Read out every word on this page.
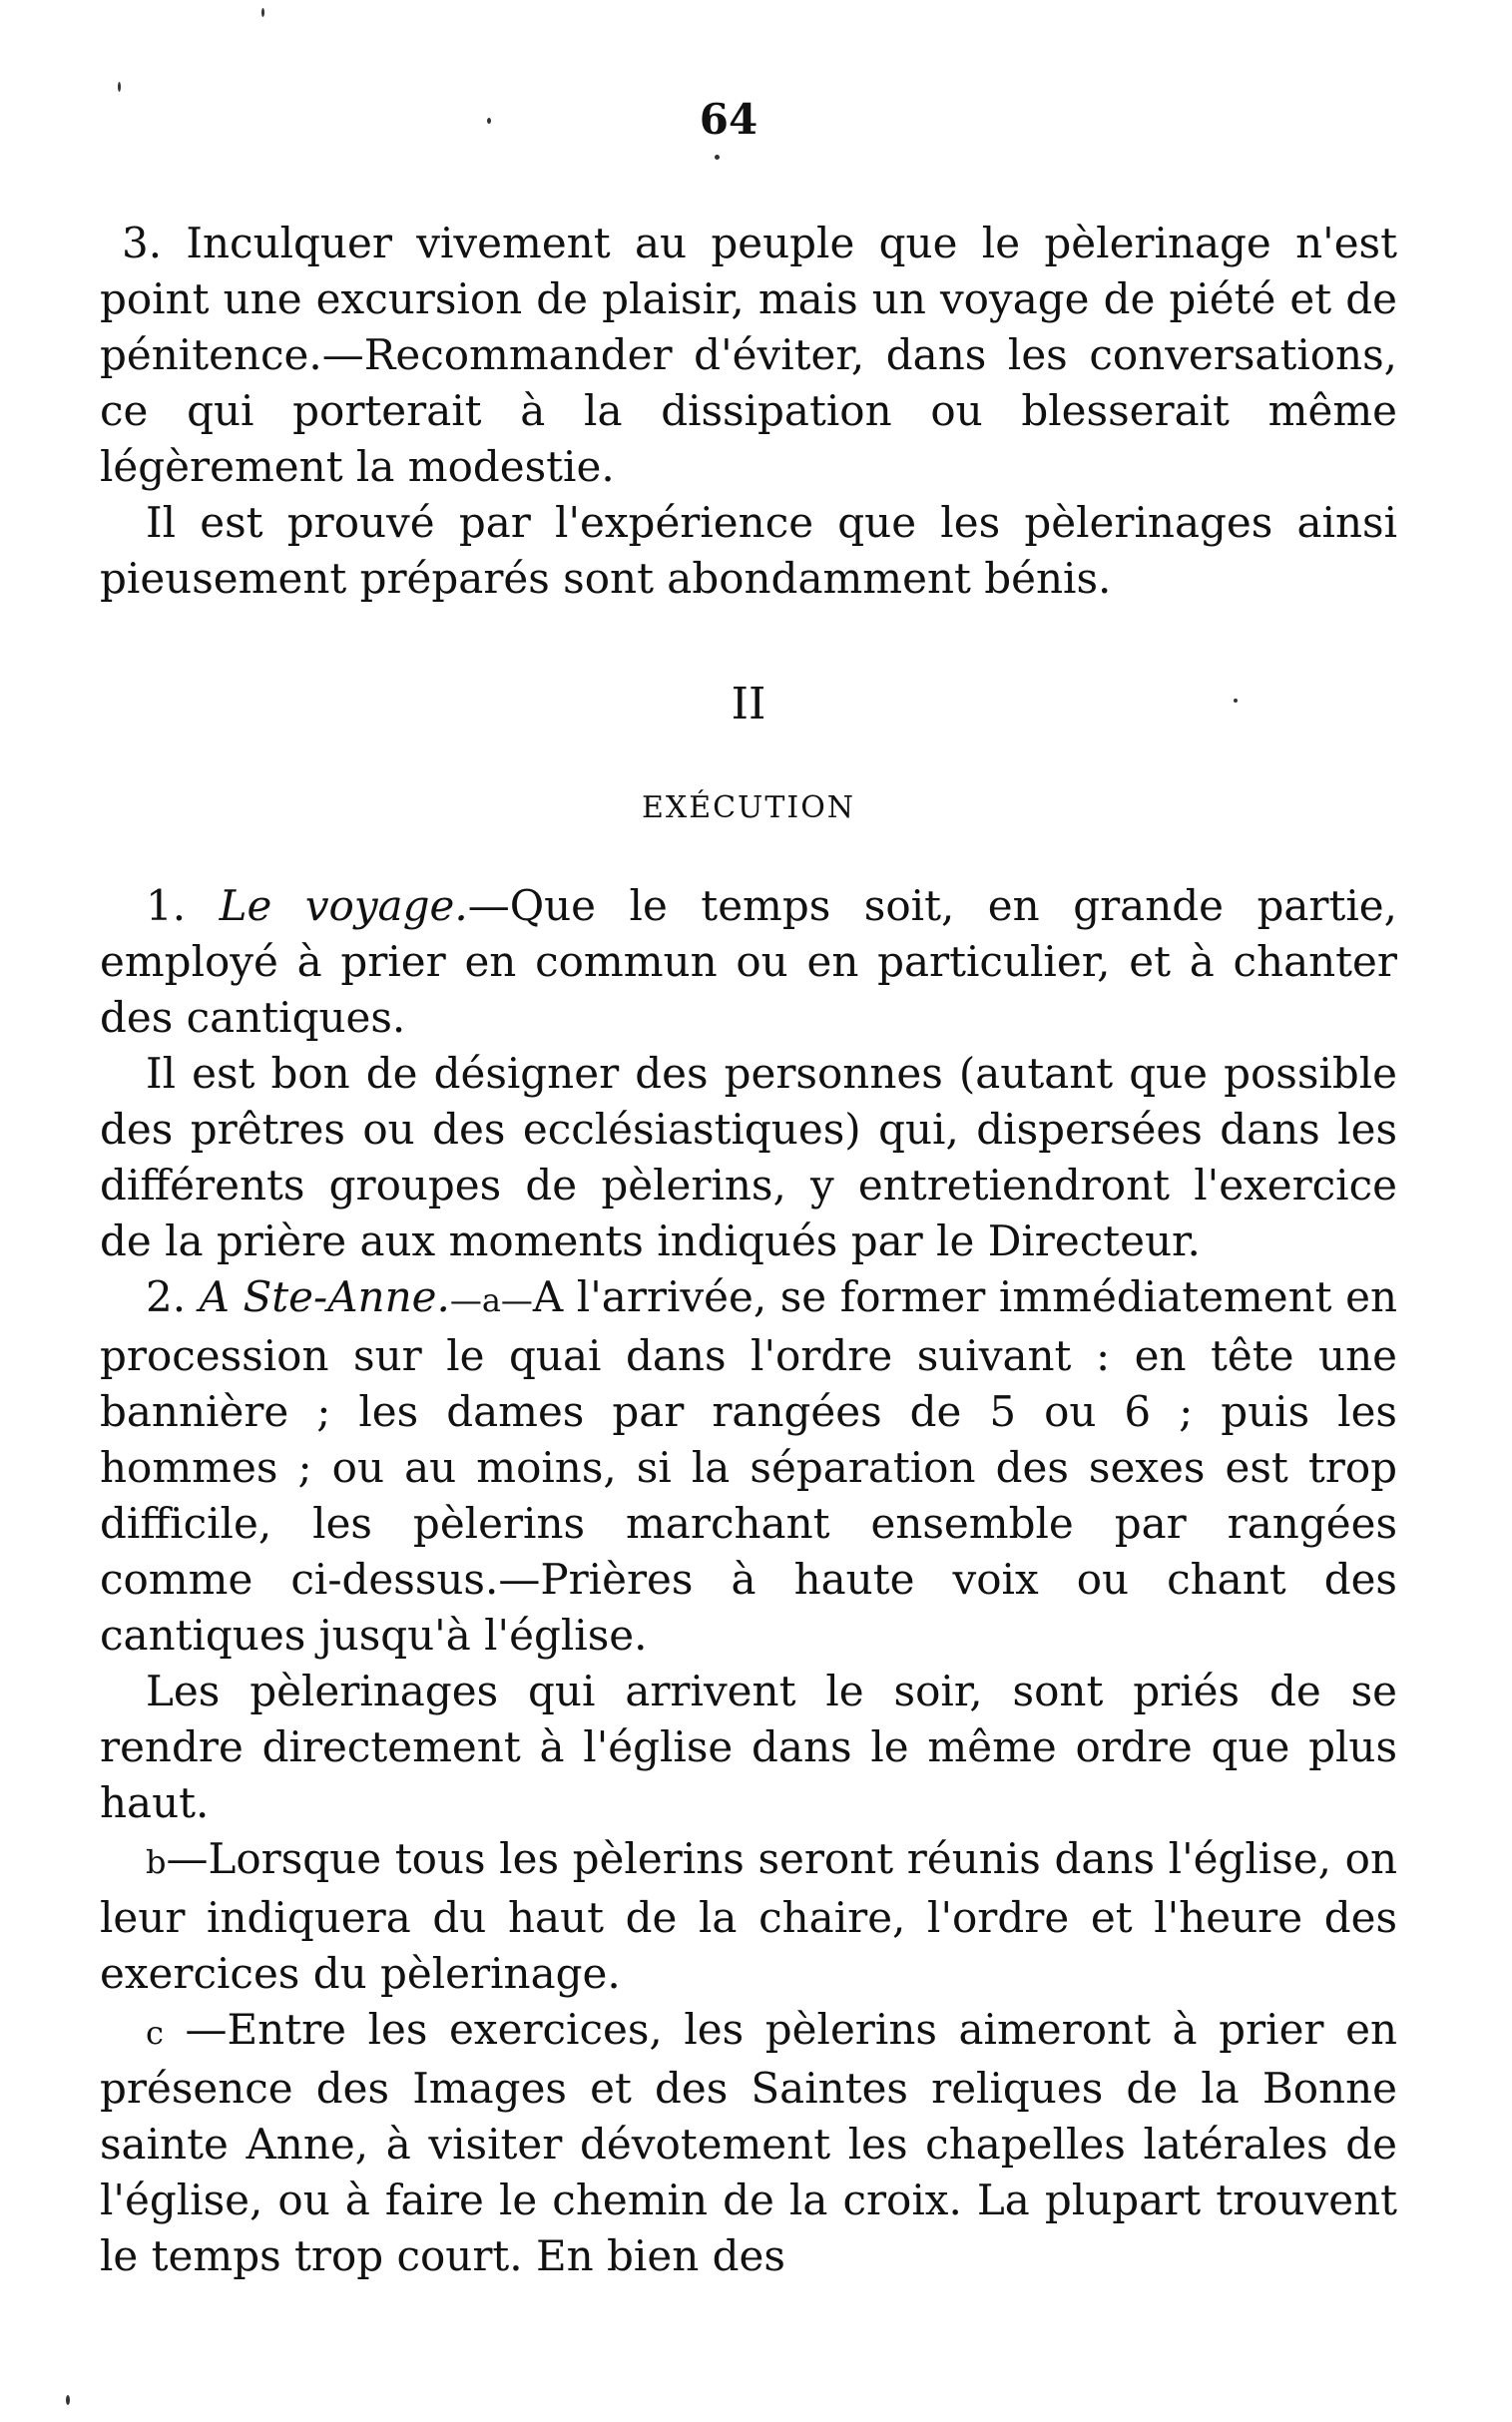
64

3. Inculquer vivement au peuple que le pèlerinage n'est point une excursion de plaisir, mais un voyage de piété et de pénitence.—Recommander d'éviter, dans les conversations, ce qui porterait à la dissipation ou blesserait même légèrement la modestie.

Il est prouvé par l'expérience que les pèlerinages ainsi pieusement préparés sont abondamment bénis.

II
EXÉCUTION

1. Le voyage.—Que le temps soit, en grande partie, employé à prier en commun ou en particulier, et à chanter des cantiques.

Il est bon de désigner des personnes (autant que possible des prêtres ou des ecclésiastiques) qui, dispersées dans les différents groupes de pèlerins, y entretiendront l'exercice de la prière aux moments indiqués par le Directeur.

2. A Ste-Anne.—a—A l'arrivée, se former immédiatement en procession sur le quai dans l'ordre suivant : en tête une bannière ; les dames par rangées de 5 ou 6 ; puis les hommes ; ou au moins, si la séparation des sexes est trop difficile, les pèlerins marchant ensemble par rangées comme ci-dessus.—Prières à haute voix ou chant des cantiques jusqu'à l'église.

Les pèlerinages qui arrivent le soir, sont priés de se rendre directement à l'église dans le même ordre que plus haut.

b—Lorsque tous les pèlerins seront réunis dans l'église, on leur indiquera du haut de la chaire, l'ordre et l'heure des exercices du pèlerinage.

c —Entre les exercices, les pèlerins aimeront à prier en présence des Images et des Saintes reliques de la Bonne sainte Anne, à visiter dévotement les chapelles latérales de l'église, ou à faire le chemin de la croix. La plupart trouvent le temps trop court. En bien des
